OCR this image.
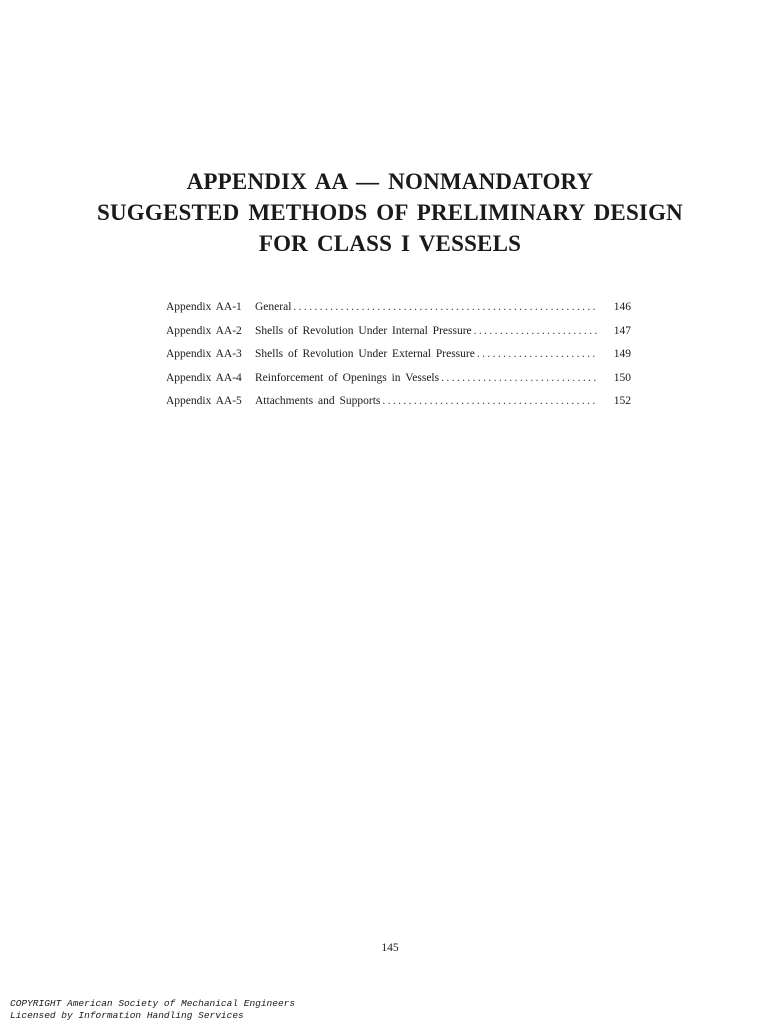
APPENDIX AA — NONMANDATORY
SUGGESTED METHODS OF PRELIMINARY DESIGN
FOR CLASS I VESSELS
Appendix AA-1	General . . .	146
Appendix AA-2	Shells of Revolution Under Internal Pressure . . .	147
Appendix AA-3	Shells of Revolution Under External Pressure . . .	149
Appendix AA-4	Reinforcement of Openings in Vessels . . .	150
Appendix AA-5	Attachments and Supports . . .	152
145
COPYRIGHT American Society of Mechanical Engineers
Licensed by Information Handling Services
